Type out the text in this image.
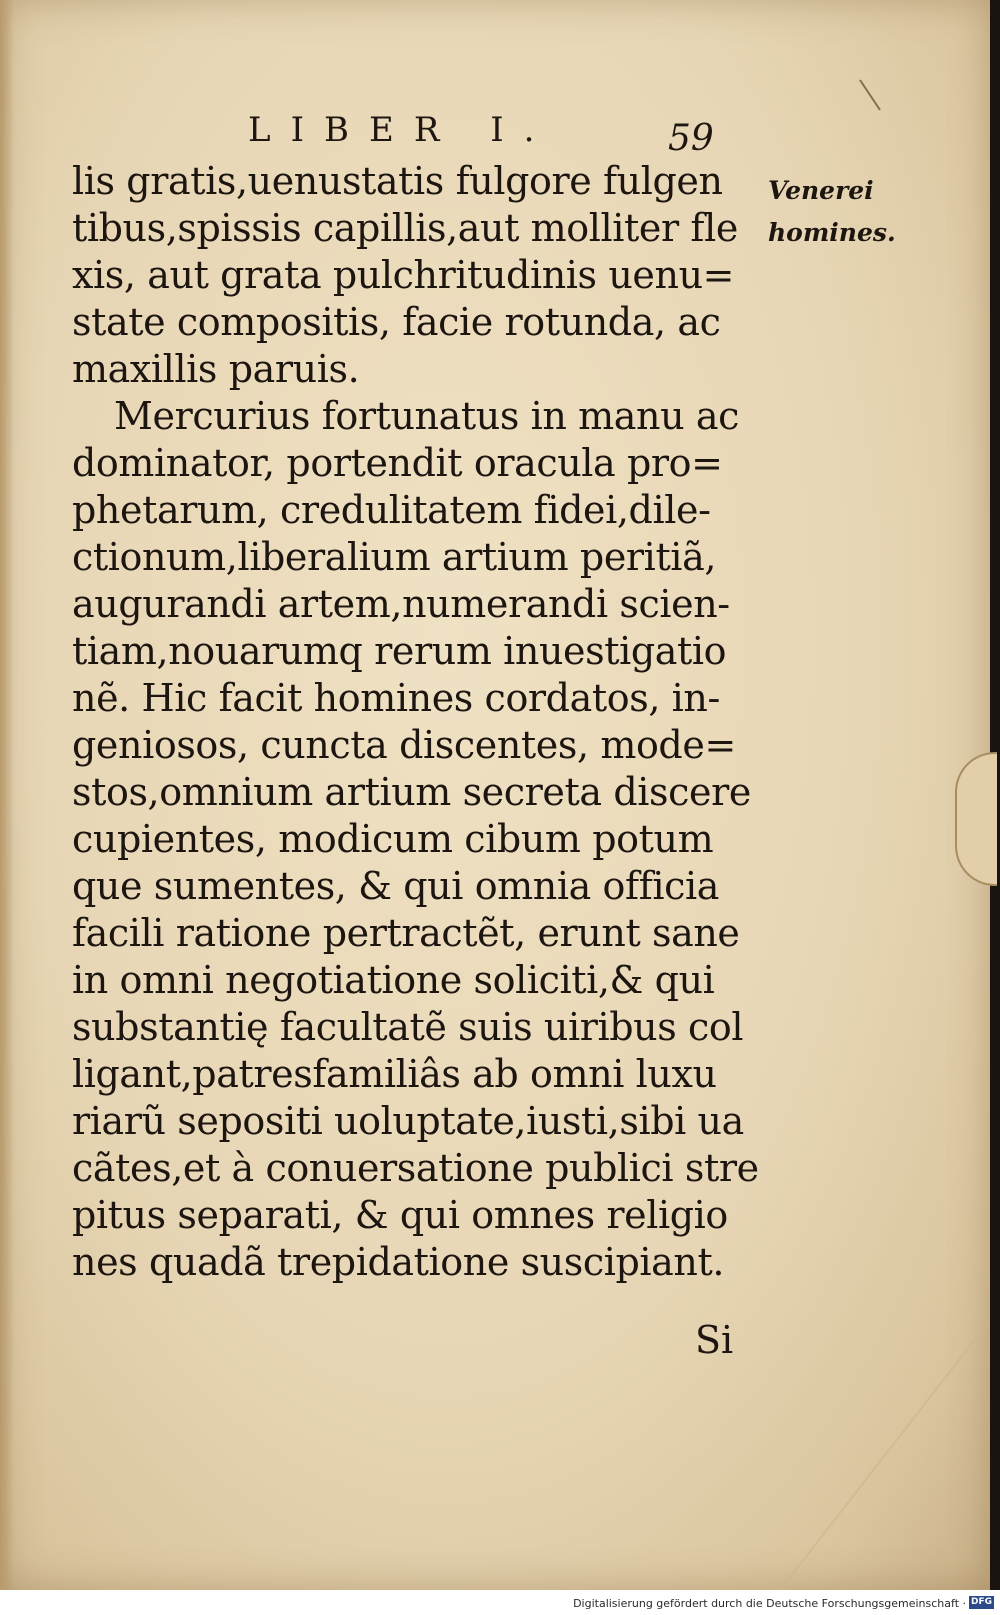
LIBER I.	59
lis gratis,uenustatis fulgore fulgen
tibus,spissis capillis,aut molliter fle
xis, aut grata pulchritudinis uenu=
state compositis, facie rotunda, ac
maxillis paruis.
Mercurius fortunatus in manu ac
dominator, portendit oracula pro=
phetarum, credulitatem fidei,dile-
ctionum,liberalium artium peritiã,
augurandi artem,numerandi scien-
tiam,nouarumq rerum inuestigatio
nẽ. Hic facit homines cordatos, in-
geniosos, cuncta discentes, mode=
stos,omnium artium secreta discere
cupientes, modicum cibum potum
que sumentes, & qui omnia officia
facili ratione pertractẽt, erunt sane
in omni negotiatione soliciti,& qui
substantię facultatẽ suis uiribus col
ligant,patresfamiliâs ab omni luxu
riarũ sepositi uoluptate,iusti,sibi ua
cãtes,et à conuersatione publici stre
pitus separati, & qui omnes religio
nes quadã trepidatione suscipiant.
Si
Venerei
homines.
Digitalisierung gefördert durch die Deutsche Forschungsgemeinschaft · DFG
